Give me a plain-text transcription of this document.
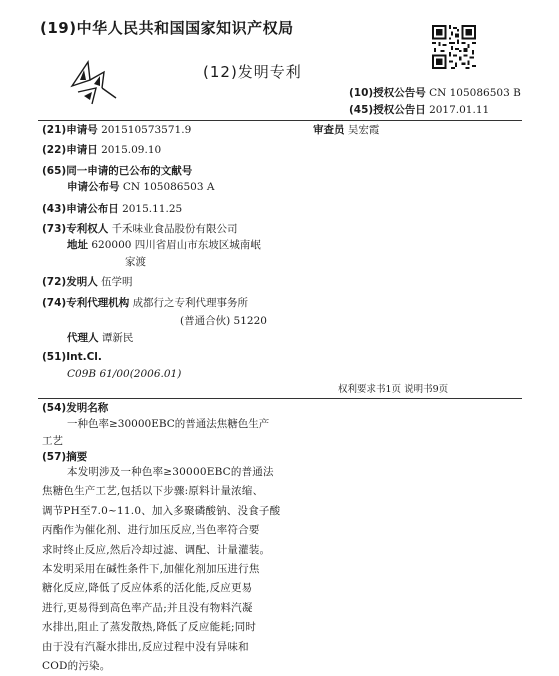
(19)中华人民共和国国家知识产权局
(12)发明专利
(10)授权公告号 CN 105086503 B
(45)授权公告日 2017.01.11
(21)申请号 201510573571.9	审查员 吴宏霞
(22)申请日 2015.09.10
(65)同一申请的已公布的文献号
申请公布号 CN 105086503 A
(43)申请公布日 2015.11.25
(73)专利权人 千禾味业食品股份有限公司
地址 620000 四川省眉山市东坡区城南岷
家渡
(72)发明人 伍学明
(74)专利代理机构 成都行之专利代理事务所
(普通合伙) 51220
代理人 谭新民
(51)Int.Cl.
C09B 61/00(2006.01)
权利要求书1页 说明书9页
(54)发明名称
一种色率≥30000EBC的普通法焦糖色生产
工艺
(57)摘要
本发明涉及一种色率≥30000EBC的普通法
焦糖色生产工艺,包括以下步骤:原料计量浓缩、
调节PH至7.0~11.0、加入多聚磷酸钠、没食子酸
丙酯作为催化剂、进行加压反应,当色率符合要
求时终止反应,然后冷却过滤、调配、计量灌装。
本发明采用在碱性条件下,加催化剂加压进行焦
糖化反应,降低了反应体系的活化能,反应更易
进行,更易得到高色率产品;并且没有物料汽凝
水排出,阻止了蒸发散热,降低了反应能耗;同时
由于没有汽凝水排出,反应过程中没有异味和
COD的污染。
